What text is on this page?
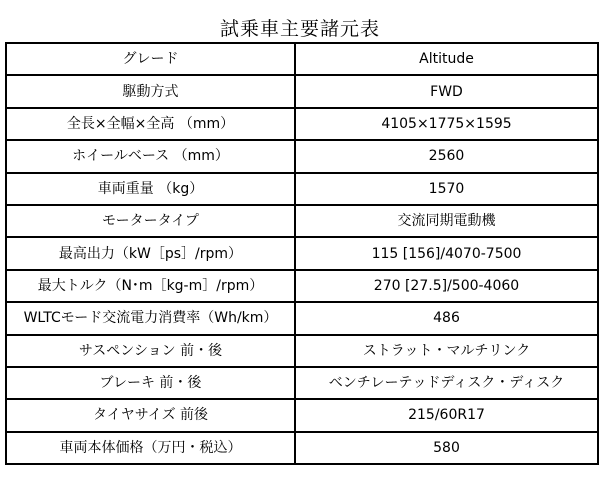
試乗車主要諸元表
グレード	Altitude
駆動方式	FWD
全長×全幅×全高 （mm）	4105×1775×1595
ホイールベース （mm）	2560
車両重量 （kg）	1570
モータータイプ	交流同期電動機
最高出力（kW［ps］/rpm）	115 [156]/4070-7500
最大トルク（N･m［kg-m］/rpm）	270 [27.5]/500-4060
WLTCモード交流電力消費率（Wh/km）	486
サスペンション 前・後	ストラット・マルチリンク
ブレーキ 前・後	ベンチレーテッドディスク・ディスク
タイヤサイズ 前後	215/60R17
車両本体価格（万円・税込）	580
